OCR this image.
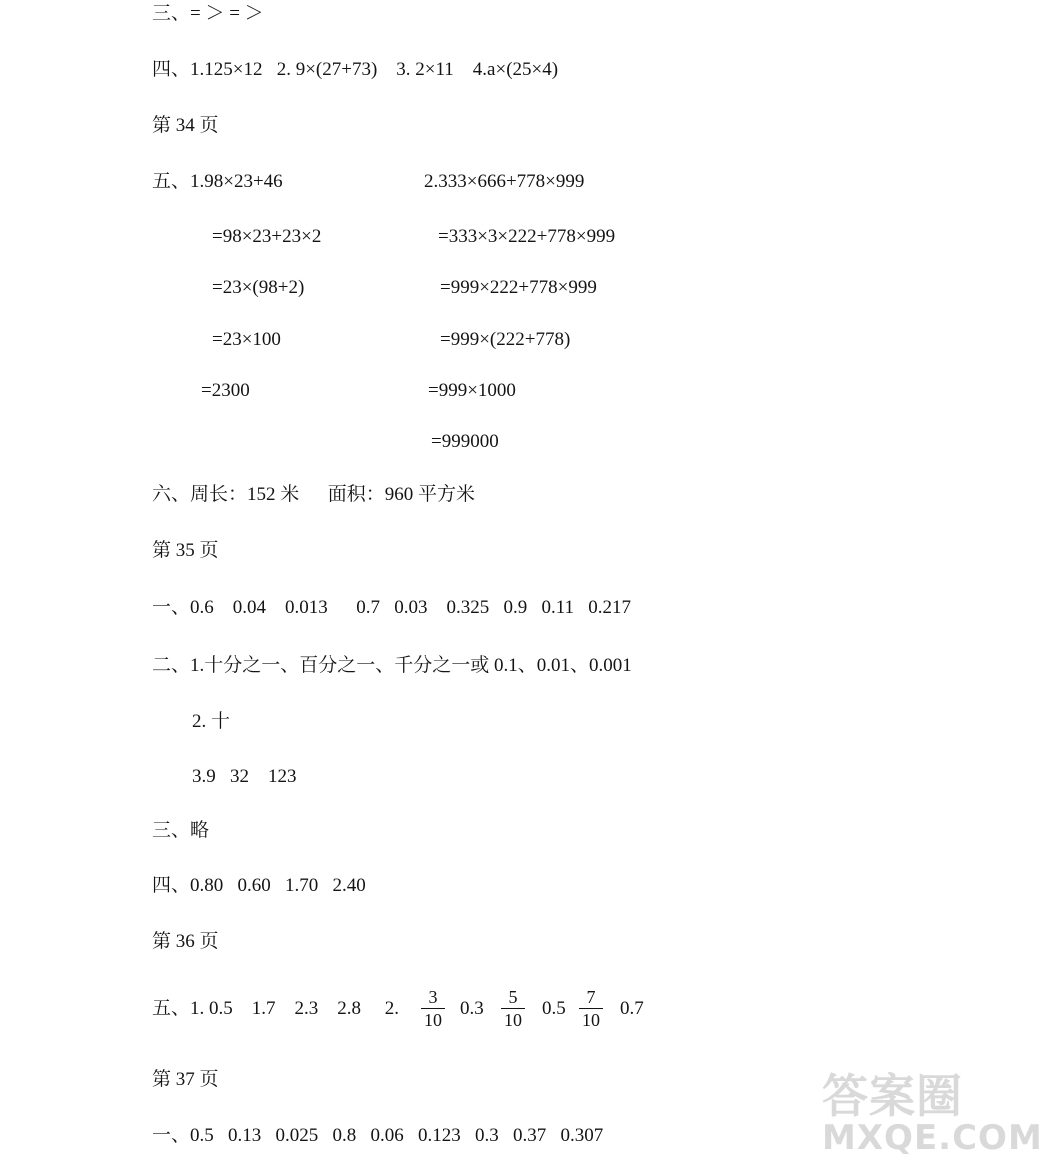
三、= ＞ = ＞
四、1.125×12   2. 9×(27+73)    3. 2×11    4.a×(25×4)
第 34 页
五、1.98×23+46
=98×23+23×2
=23×(98+2)
=23×100
=2300
2.333×666+778×999
=333×3×222+778×999
=999×222+778×999
=999×(222+778)
=999×1000
=999000
六、周长：152 米      面积：960 平方米
第 35 页
一、0.6    0.04    0.013      0.7   0.03    0.325   0.9   0.11   0.217
二、1.十分之一、百分之一、千分之一或 0.1、0.01、0.001
2. 十
3.9   32    123
三、略
四、0.80   0.60   1.70   2.40
第 36 页
五、1. 0.5    1.7    2.3    2.8     2.
3
10
0.3
5
10
0.5
7
10
0.7
第 37 页
一、0.5   0.13   0.025   0.8   0.06   0.123   0.3   0.37   0.307
答案圈
MXQE.COM
